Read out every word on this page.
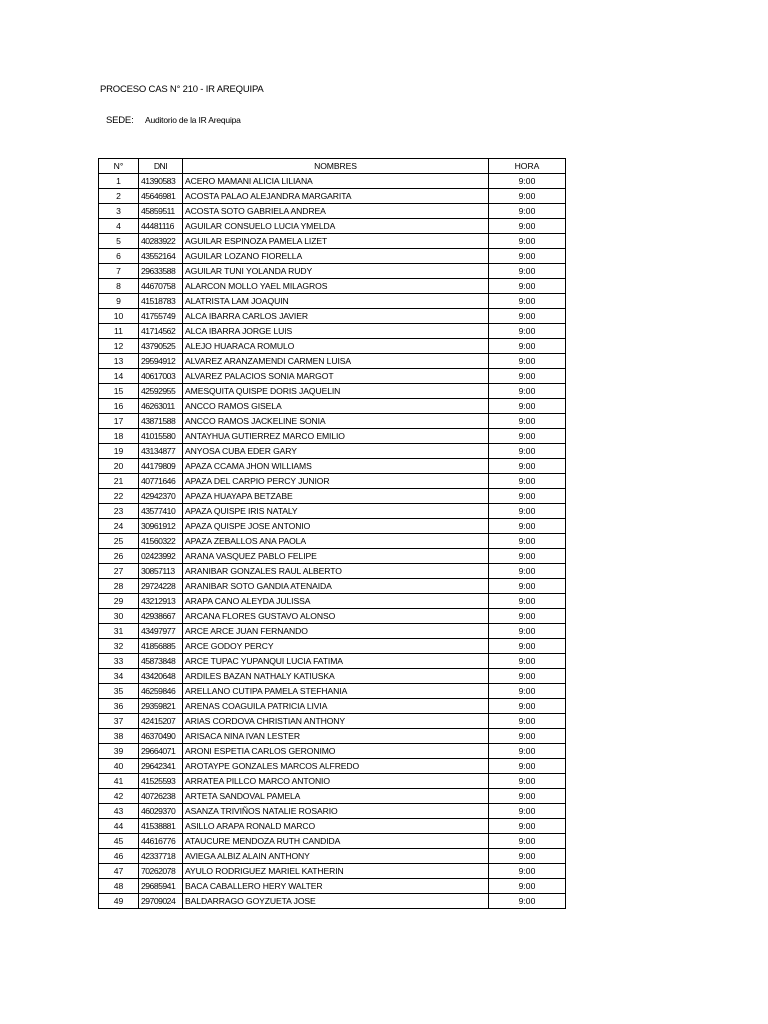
PROCESO CAS N° 210 - IR AREQUIPA
SEDE: Auditorio de la IR Arequipa
N°	DNI	NOMBRES	HORA
1	41390583	ACERO MAMANI ALICIA LILIANA	9:00
2	45646981	ACOSTA PALAO ALEJANDRA MARGARITA	9:00
3	45859511	ACOSTA SOTO GABRIELA ANDREA	9:00
4	44481116	AGUILAR CONSUELO LUCIA YMELDA	9:00
5	40283922	AGUILAR ESPINOZA PAMELA LIZET	9:00
6	43552164	AGUILAR LOZANO FIORELLA	9:00
7	29633588	AGUILAR TUNI YOLANDA RUDY	9:00
8	44670758	ALARCON MOLLO YAEL MILAGROS	9:00
9	41518783	ALATRISTA LAM JOAQUIN	9:00
10	41755749	ALCA IBARRA CARLOS JAVIER	9:00
11	41714562	ALCA IBARRA JORGE LUIS	9:00
12	43790525	ALEJO HUARACA ROMULO	9:00
13	29594912	ALVAREZ ARANZAMENDI CARMEN LUISA	9:00
14	40617003	ALVAREZ PALACIOS SONIA MARGOT	9:00
15	42592955	AMESQUITA QUISPE DORIS JAQUELIN	9:00
16	46263011	ANCCO RAMOS GISELA	9:00
17	43871588	ANCCO RAMOS JACKELINE SONIA	9:00
18	41015580	ANTAYHUA GUTIERREZ MARCO EMILIO	9:00
19	43134877	ANYOSA CUBA EDER GARY	9:00
20	44179809	APAZA CCAMA JHON WILLIAMS	9:00
21	40771646	APAZA DEL CARPIO PERCY JUNIOR	9:00
22	42942370	APAZA HUAYAPA BETZABE	9:00
23	43577410	APAZA QUISPE IRIS NATALY	9:00
24	30961912	APAZA QUISPE JOSE ANTONIO	9:00
25	41560322	APAZA ZEBALLOS ANA PAOLA	9:00
26	02423992	ARANA VASQUEZ PABLO FELIPE	9:00
27	30857113	ARANIBAR GONZALES RAUL ALBERTO	9:00
28	29724228	ARANIBAR SOTO GANDIA ATENAIDA	9:00
29	43212913	ARAPA CANO ALEYDA JULISSA	9:00
30	42938667	ARCANA FLORES GUSTAVO ALONSO	9:00
31	43497977	ARCE ARCE JUAN FERNANDO	9:00
32	41856885	ARCE GODOY PERCY	9:00
33	45873848	ARCE TUPAC YUPANQUI LUCIA FATIMA	9:00
34	43420648	ARDILES BAZAN NATHALY KATIUSKA	9:00
35	46259846	ARELLANO CUTIPA PAMELA STEFHANIA	9:00
36	29359821	ARENAS COAGUILA PATRICIA LIVIA	9:00
37	42415207	ARIAS CORDOVA CHRISTIAN ANTHONY	9:00
38	46370490	ARISACA NINA IVAN LESTER	9:00
39	29664071	ARONI ESPETIA CARLOS GERONIMO	9:00
40	29642341	AROTAYPE GONZALES MARCOS ALFREDO	9:00
41	41525593	ARRATEA PILLCO MARCO ANTONIO	9:00
42	40726238	ARTETA SANDOVAL PAMELA	9:00
43	46029370	ASANZA TRIVIÑOS NATALIE ROSARIO	9:00
44	41538881	ASILLO ARAPA RONALD MARCO	9:00
45	44616776	ATAUCURE MENDOZA RUTH CANDIDA	9:00
46	42337718	AVIEGA ALBIZ ALAIN ANTHONY	9:00
47	70262078	AYULO RODRIGUEZ MARIEL KATHERIN	9:00
48	29685941	BACA CABALLERO HERY WALTER	9:00
49	29709024	BALDARRAGO GOYZUETA JOSE	9:00
